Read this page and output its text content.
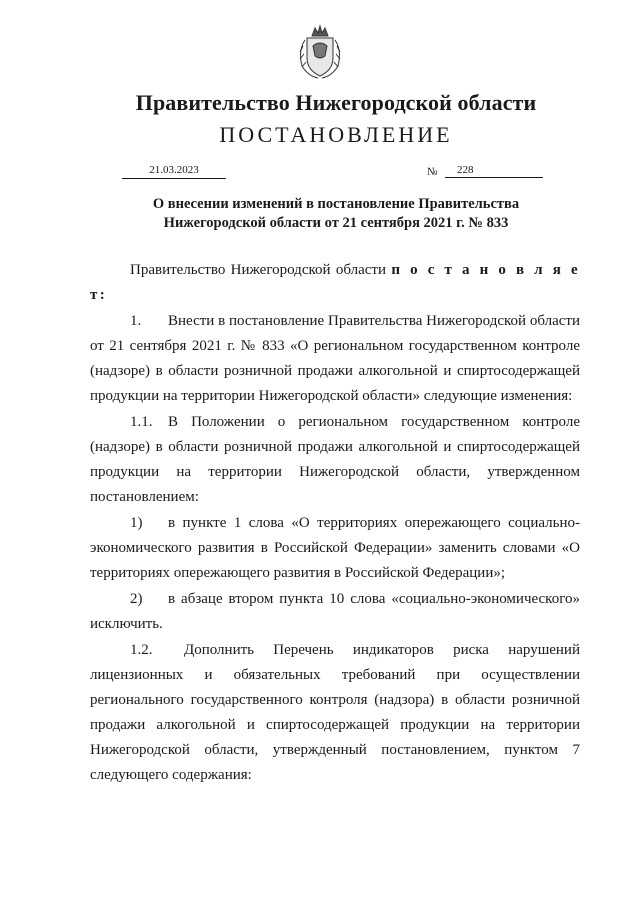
Правительство Нижегородской области
ПОСТАНОВЛЕНИЕ
21.03.2023	№	228
О внесении изменений в постановление Правительства
Нижегородской области от 21 сентября 2021 г. № 833

Правительство Нижегородской области п о с т а н о в л я е т:

1. Внести в постановление Правительства Нижегородской области от 21 сентября 2021 г. № 833 «О региональном государственном контроле (надзоре) в области розничной продажи алкогольной и спиртосодержащей продукции на территории Нижегородской области» следующие изменения:

1.1. В Положении о региональном государственном контроле (надзоре) в области розничной продажи алкогольной и спиртосодержащей продукции на территории Нижегородской области, утвержденном постановлением:

1) в пункте 1 слова «О территориях опережающего социально-экономического развития в Российской Федерации» заменить словами «О территориях опережающего развития в Российской Федерации»;

2) в абзаце втором пункта 10 слова «социально-экономического» исключить.

1.2. Дополнить Перечень индикаторов риска нарушений лицензионных и обязательных требований при осуществлении регионального государственного контроля (надзора) в области розничной продажи алкогольной и спиртосодержащей продукции на территории Нижегородской области, утвержденный постановлением, пунктом 7 следующего содержания:
